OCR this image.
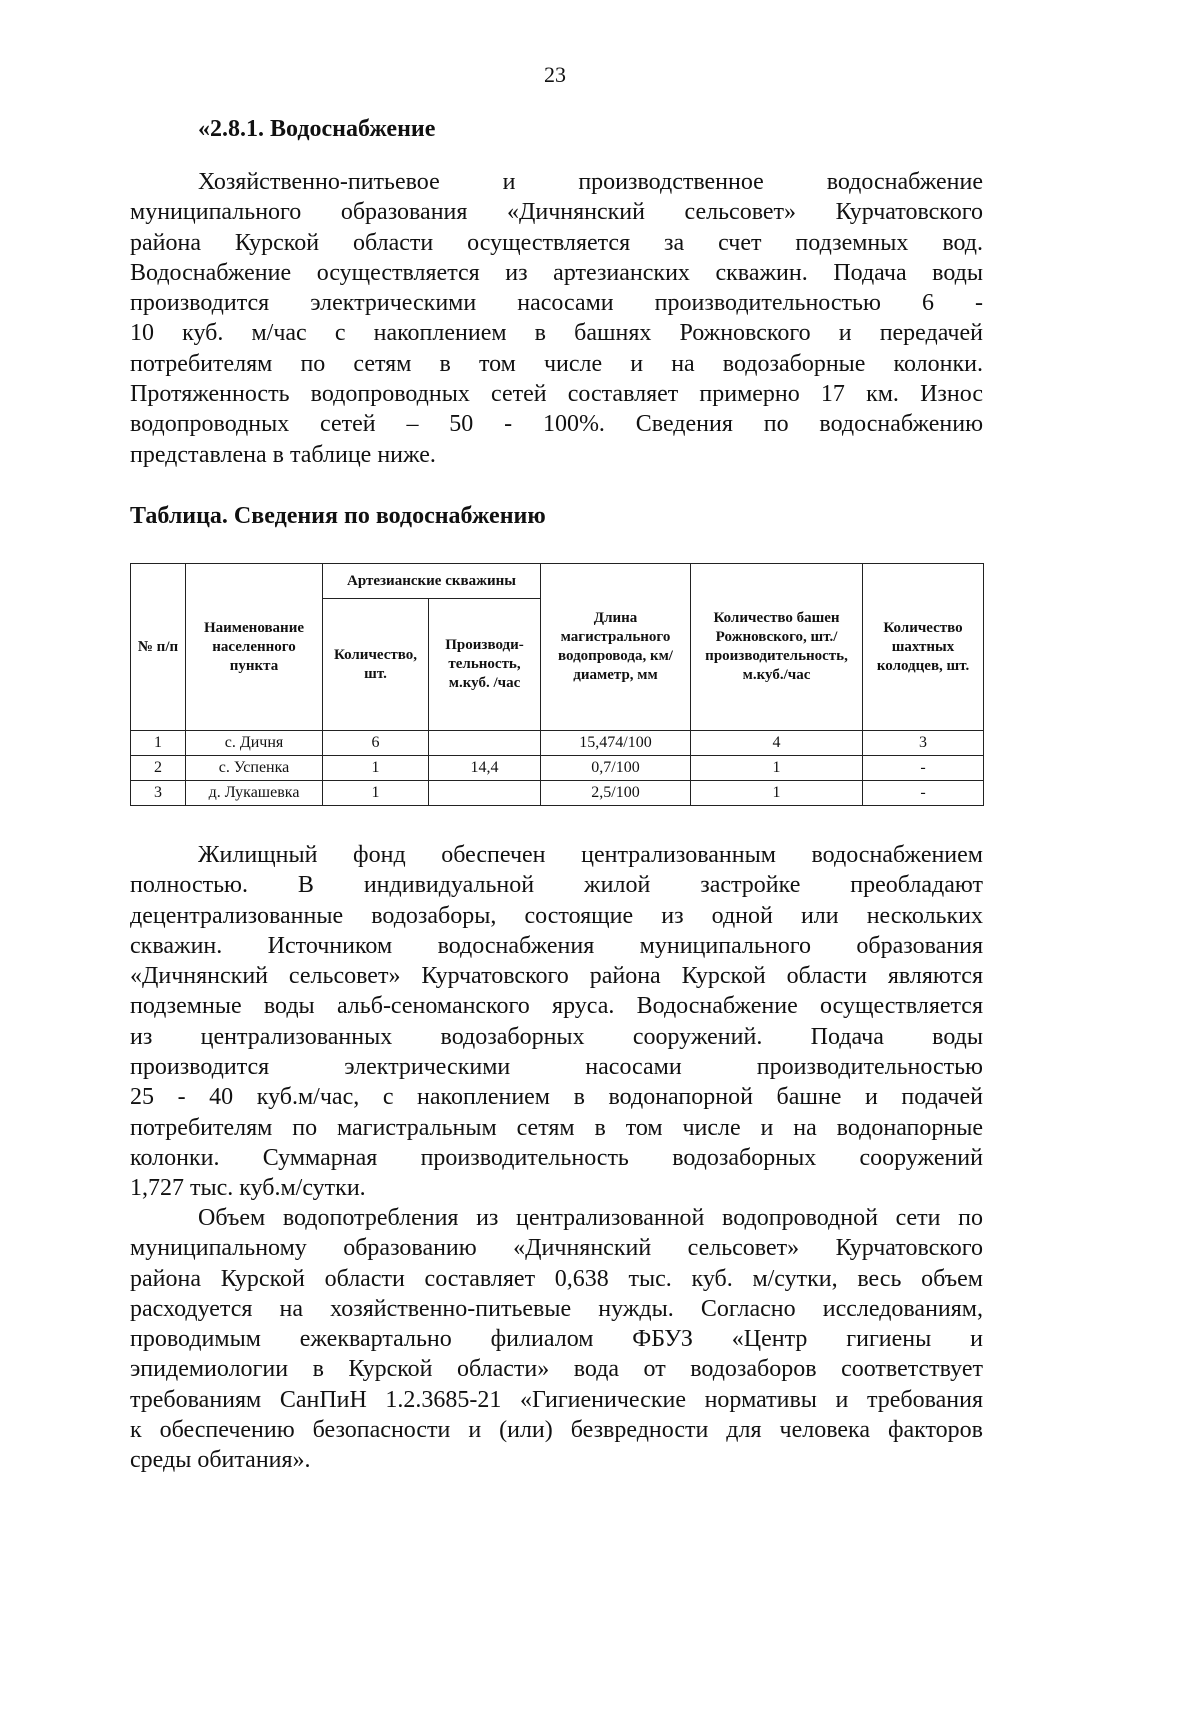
23
«2.8.1. Водоснабжение
Хозяйственно-питьевое и производственное водоснабжение
муниципального образования «Дичнянский сельсовет» Курчатовского
района Курской области осуществляется за счет подземных вод.
Водоснабжение осуществляется из артезианских скважин. Подача воды
производится электрическими насосами производительностью 6 -
10 куб. м/час с накоплением в башнях Рожновского и передачей
потребителям по сетям в том числе и на водозаборные колонки.
Протяженность водопроводных сетей составляет примерно 17 км. Износ
водопроводных сетей – 50 - 100%. Сведения по водоснабжению
представлена в таблице ниже.
Таблица. Сведения по водоснабжению
№ п/п	Наименование населенного пункта	Артезианские скважины		Длина магистрального водопровода, км/диаметр, мм	Количество башен Рожновского, шт./ производительность, м.куб./час	Количество шахтных колодцев, шт.
		Количество, шт.	Производи-тельность, м.куб. /час			
1	с. Дичня	6		15,474/100	4	3
2	с. Успенка	1	14,4	0,7/100	1	-
3	д. Лукашевка	1		2,5/100	1	-
Жилищный фонд обеспечен централизованным водоснабжением
полностью. В индивидуальной жилой застройке преобладают
децентрализованные водозаборы, состоящие из одной или нескольких
скважин. Источником водоснабжения муниципального образования
«Дичнянский сельсовет» Курчатовского района Курской области являются
подземные воды альб-сеноманского яруса. Водоснабжение осуществляется
из централизованных водозаборных сооружений. Подача воды
производится электрическими насосами производительностью
25 - 40 куб.м/час, с накоплением в водонапорной башне и подачей
потребителям по магистральным сетям в том числе и на водонапорные
колонки. Суммарная производительность водозаборных сооружений
1,727 тыс. куб.м/сутки.
Объем водопотребления из централизованной водопроводной сети по
муниципальному образованию «Дичнянский сельсовет» Курчатовского
района Курской области составляет 0,638 тыс. куб. м/сутки, весь объем
расходуется на хозяйственно-питьевые нужды. Согласно исследованиям,
проводимым ежеквартально филиалом ФБУЗ «Центр гигиены и
эпидемиологии в Курской области» вода от водозаборов соответствует
требованиям СанПиН 1.2.3685-21 «Гигиенические нормативы и требования
к обеспечению безопасности и (или) безвредности для человека факторов
среды обитания».
